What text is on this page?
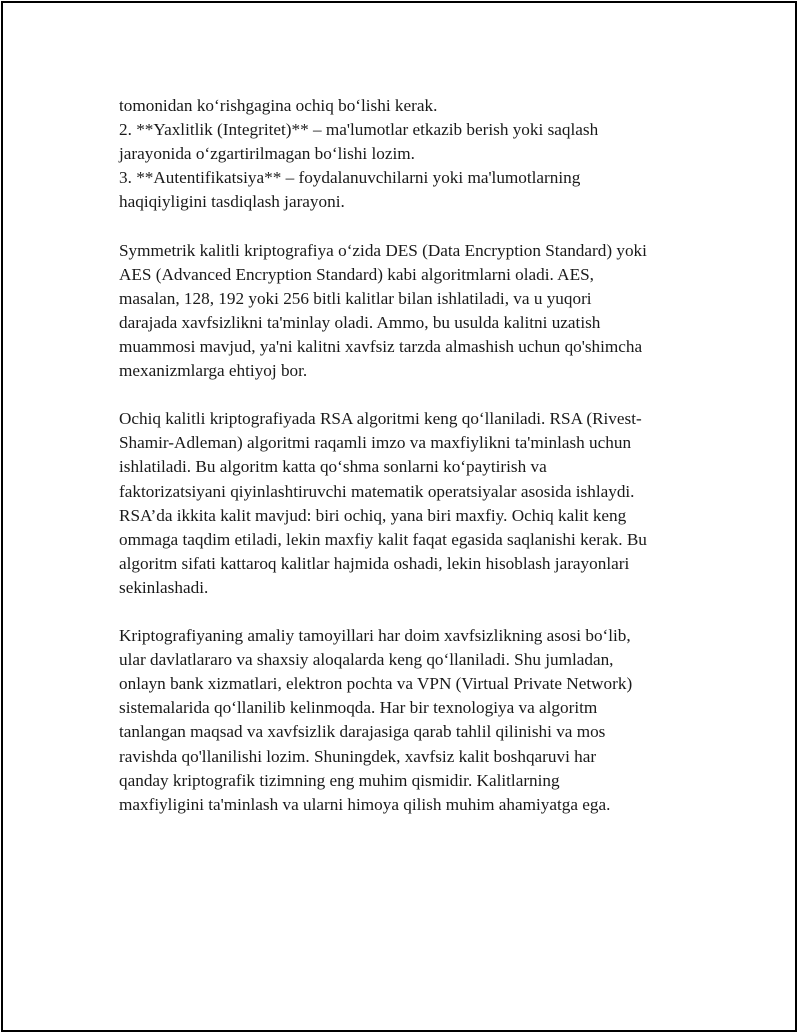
tomonidan ko‘rishgagina ochiq bo‘lishi kerak.
2. **Yaxlitlik (Integritet)** – ma'lumotlar etkazib berish yoki saqlash
jarayonida o‘zgartirilmagan bo‘lishi lozim.
3. **Autentifikatsiya** – foydalanuvchilarni yoki ma'lumotlarning
haqiqiyligini tasdiqlash jarayoni.
Symmetrik kalitli kriptografiya o‘zida DES (Data Encryption Standard) yoki
AES (Advanced Encryption Standard) kabi algoritmlarni oladi. AES,
masalan, 128, 192 yoki 256 bitli kalitlar bilan ishlatiladi, va u yuqori
darajada xavfsizlikni ta'minlay oladi. Ammo, bu usulda kalitni uzatish
muammosi mavjud, ya'ni kalitni xavfsiz tarzda almashish uchun qo'shimcha
mexanizmlarga ehtiyoj bor.
Ochiq kalitli kriptografiyada RSA algoritmi keng qo‘llaniladi. RSA (Rivest-
Shamir-Adleman) algoritmi raqamli imzo va maxfiylikni ta'minlash uchun
ishlatiladi. Bu algoritm katta qo‘shma sonlarni ko‘paytirish va
faktorizatsiyani qiyinlashtiruvchi matematik operatsiyalar asosida ishlaydi.
RSA’da ikkita kalit mavjud: biri ochiq, yana biri maxfiy. Ochiq kalit keng
ommaga taqdim etiladi, lekin maxfiy kalit faqat egasida saqlanishi kerak. Bu
algoritm sifati kattaroq kalitlar hajmida oshadi, lekin hisoblash jarayonlari
sekinlashadi.
Kriptografiyaning amaliy tamoyillari har doim xavfsizlikning asosi bo‘lib,
ular davlatlararo va shaxsiy aloqalarda keng qo‘llaniladi. Shu jumladan,
onlayn bank xizmatlari, elektron pochta va VPN (Virtual Private Network)
sistemalarida qo‘llanilib kelinmoqda. Har bir texnologiya va algoritm
tanlangan maqsad va xavfsizlik darajasiga qarab tahlil qilinishi va mos
ravishda qo'llanilishi lozim. Shuningdek, xavfsiz kalit boshqaruvi har
qanday kriptografik tizimning eng muhim qismidir. Kalitlarning
maxfiyligini ta'minlash va ularni himoya qilish muhim ahamiyatga ega.
